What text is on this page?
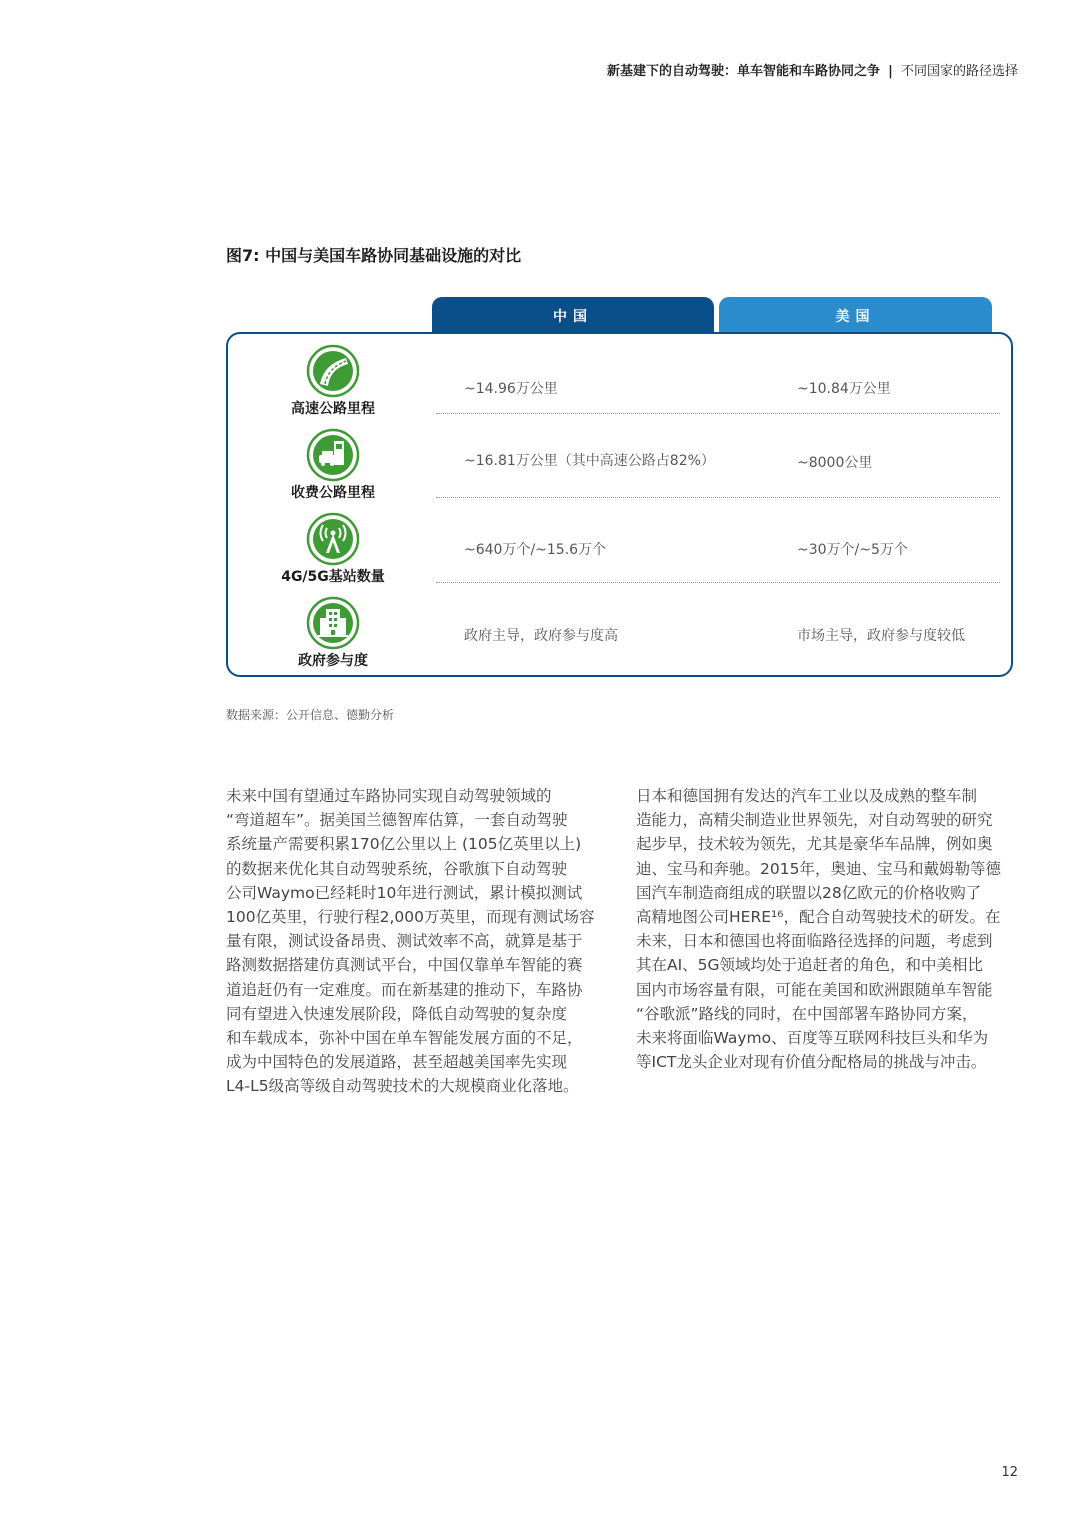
新基建下的自动驾驶：单车智能和车路协同之争 | 不同国家的路径选择
图7: 中国与美国车路协同基础设施的对比
中国	美国
高速公路里程
~14.96万公里	~10.84万公里
收费公路里程
~16.81万公里（其中高速公路占82%）	~8000公里
4G/5G基站数量
~640万个/~15.6万个	~30万个/~5万个
政府参与度
政府主导，政府参与度高	市场主导，政府参与度较低
数据来源：公开信息、德勤分析
未来中国有望通过车路协同实现自动驾驶领域的
“弯道超车”。据美国兰德智库估算，一套自动驾驶
系统量产需要积累170亿公里以上 (105亿英里以上)
的数据来优化其自动驾驶系统，谷歌旗下自动驾驶
公司Waymo已经耗时10年进行测试，累计模拟测试
100亿英里，行驶行程2,000万英里，而现有测试场容
量有限，测试设备昂贵、测试效率不高，就算是基于
路测数据搭建仿真测试平台，中国仅靠单车智能的赛
道追赶仍有一定难度。而在新基建的推动下，车路协
同有望进入快速发展阶段，降低自动驾驶的复杂度
和车载成本，弥补中国在单车智能发展方面的不足，
成为中国特色的发展道路，甚至超越美国率先实现
L4-L5级高等级自动驾驶技术的大规模商业化落地。
日本和德国拥有发达的汽车工业以及成熟的整车制
造能力，高精尖制造业世界领先，对自动驾驶的研究
起步早，技术较为领先，尤其是豪华车品牌，例如奥
迪、宝马和奔驰。2015年，奥迪、宝马和戴姆勒等德
国汽车制造商组成的联盟以28亿欧元的价格收购了
高精地图公司HERE¹⁶，配合自动驾驶技术的研发。在
未来，日本和德国也将面临路径选择的问题，考虑到
其在AI、5G领域均处于追赶者的角色，和中美相比
国内市场容量有限，可能在美国和欧洲跟随单车智能
“谷歌派”路线的同时，在中国部署车路协同方案，
未来将面临Waymo、百度等互联网科技巨头和华为
等ICT龙头企业对现有价值分配格局的挑战与冲击。
12
